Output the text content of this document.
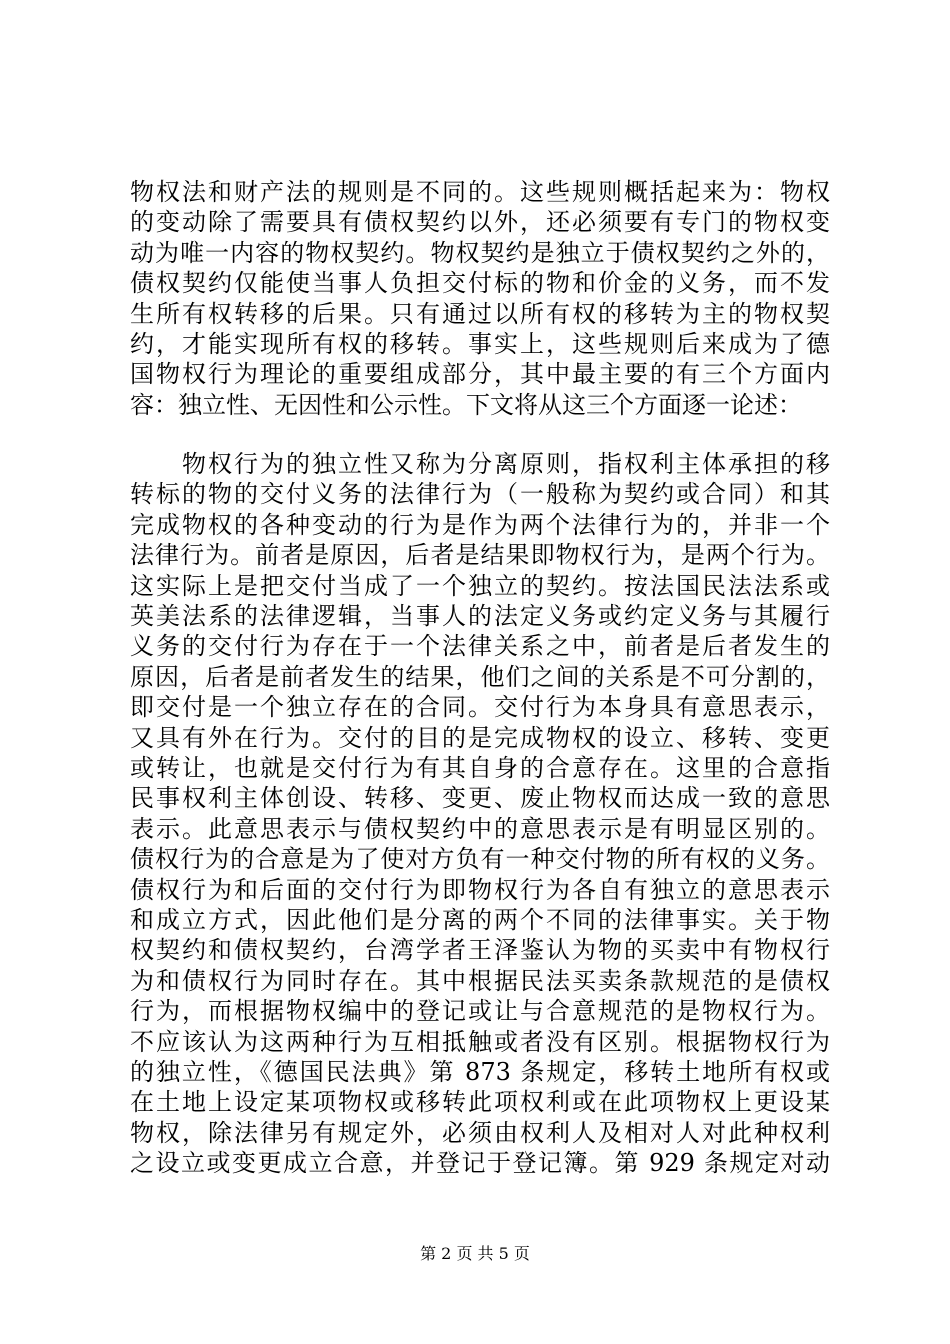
物权法和财产法的规则是不同的。这些规则概括起来为：物权
的变动除了需要具有债权契约以外，还必须要有专门的物权变
动为唯一内容的物权契约。物权契约是独立于债权契约之外的，
债权契约仅能使当事人负担交付标的物和价金的义务，而不发
生所有权转移的后果。只有通过以所有权的移转为主的物权契
约，才能实现所有权的移转。事实上，这些规则后来成为了德
国物权行为理论的重要组成部分，其中最主要的有三个方面内
容：独立性、无因性和公示性。下文将从这三个方面逐一论述：
物权行为的独立性又称为分离原则，指权利主体承担的移
转标的物的交付义务的法律行为（一般称为契约或合同）和其
完成物权的各种变动的行为是作为两个法律行为的，并非一个
法律行为。前者是原因，后者是结果即物权行为，是两个行为。
这实际上是把交付当成了一个独立的契约。按法国民法法系或
英美法系的法律逻辑，当事人的法定义务或约定义务与其履行
义务的交付行为存在于一个法律关系之中，前者是后者发生的
原因，后者是前者发生的结果，他们之间的关系是不可分割的，
即交付是一个独立存在的合同。交付行为本身具有意思表示，
又具有外在行为。交付的目的是完成物权的设立、移转、变更
或转让，也就是交付行为有其自身的合意存在。这里的合意指
民事权利主体创设、转移、变更、废止物权而达成一致的意思
表示。此意思表示与债权契约中的意思表示是有明显区别的。
债权行为的合意是为了使对方负有一种交付物的所有权的义务。
债权行为和后面的交付行为即物权行为各自有独立的意思表示
和成立方式，因此他们是分离的两个不同的法律事实。关于物
权契约和债权契约，台湾学者王泽鉴认为物的买卖中有物权行
为和债权行为同时存在。其中根据民法买卖条款规范的是债权
行为，而根据物权编中的登记或让与合意规范的是物权行为。
不应该认为这两种行为互相抵触或者没有区别。根据物权行为
的独立性，《德国民法典》第 873 条规定，移转土地所有权或
在土地上设定某项物权或移转此项权利或在此项物权上更设某
物权，除法律另有规定外，必须由权利人及相对人对此种权利
之设立或变更成立合意，并登记于登记簿。第 929 条规定对动
第 2 页 共 5 页
